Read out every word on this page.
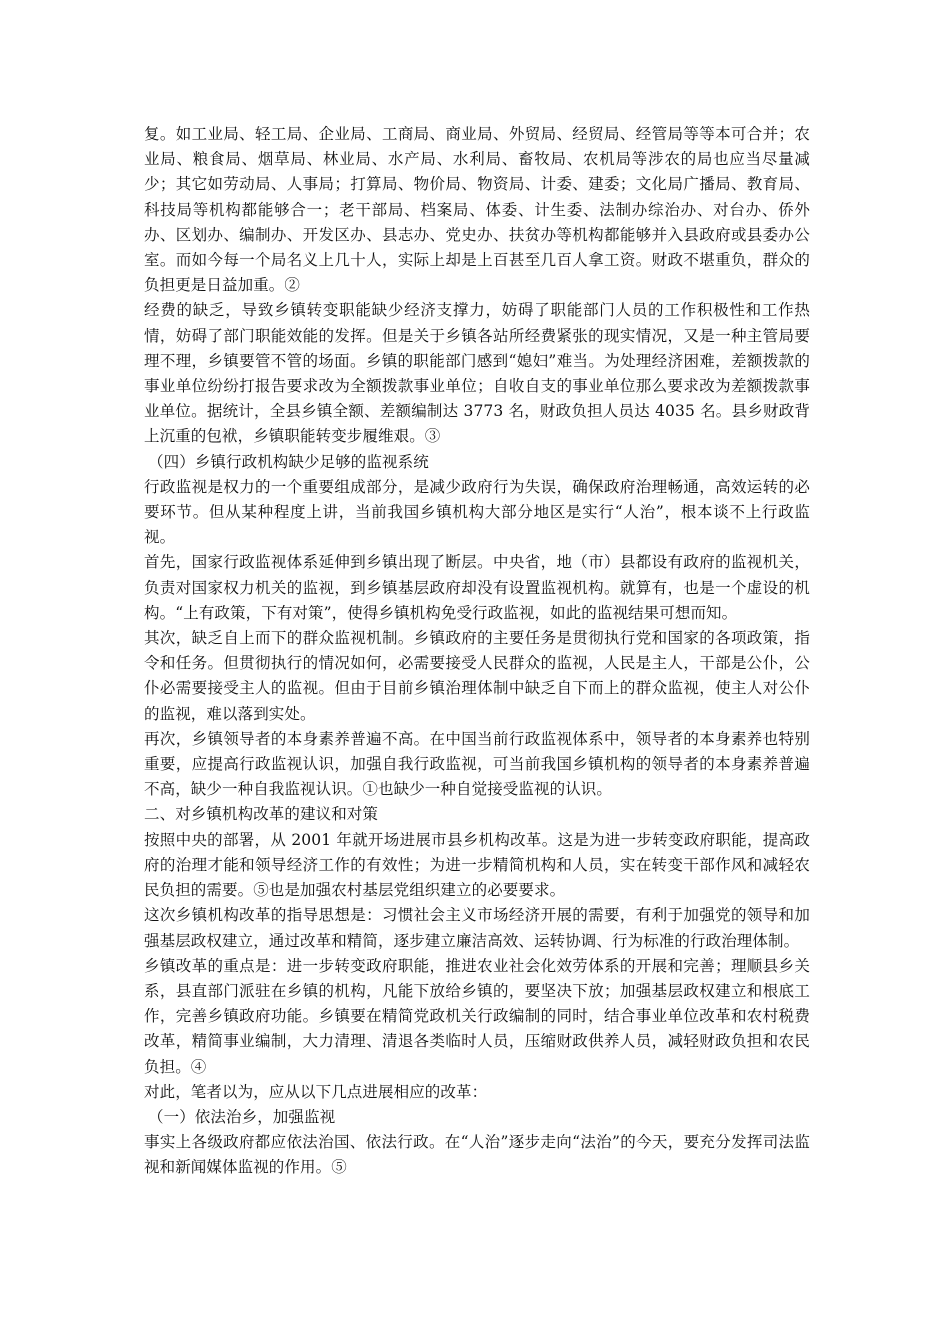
复。如工业局、轻工局、企业局、工商局、商业局、外贸局、经贸局、经管局等等本可合并；农业局、粮食局、烟草局、林业局、水产局、水利局、畜牧局、农机局等涉农的局也应当尽量减少；其它如劳动局、人事局；打算局、物价局、物资局、计委、建委；文化局广播局、教育局、科技局等机构都能够合一；老干部局、档案局、体委、计生委、法制办综治办、对台办、侨外办、区划办、编制办、开发区办、县志办、党史办、扶贫办等机构都能够并入县政府或县委办公室。而如今每一个局名义上几十人，实际上却是上百甚至几百人拿工资。财政不堪重负，群众的负担更是日益加重。②

经费的缺乏，导致乡镇转变职能缺少经济支撑力，妨碍了职能部门人员的工作积极性和工作热情，妨碍了部门职能效能的发挥。但是关于乡镇各站所经费紧张的现实情况，又是一种主管局要理不理，乡镇要管不管的场面。乡镇的职能部门感到“媳妇”难当。为处理经济困难，差额拨款的事业单位纷纷打报告要求改为全额拨款事业单位；自收自支的事业单位那么要求改为差额拨款事业单位。据统计，全县乡镇全额、差额编制达 3773 名，财政负担人员达 4035 名。县乡财政背上沉重的包袱，乡镇职能转变步履维艰。③

（四）乡镇行政机构缺少足够的监视系统

行政监视是权力的一个重要组成部分，是减少政府行为失误，确保政府治理畅通，高效运转的必要环节。但从某种程度上讲，当前我国乡镇机构大部分地区是实行“人治”，根本谈不上行政监视。

首先，国家行政监视体系延伸到乡镇出现了断层。中央省，地（市）县都设有政府的监视机关，负责对国家权力机关的监视，到乡镇基层政府却没有设置监视机构。就算有，也是一个虚设的机构。“上有政策，下有对策”，使得乡镇机构免受行政监视，如此的监视结果可想而知。

其次，缺乏自上而下的群众监视机制。乡镇政府的主要任务是贯彻执行党和国家的各项政策，指令和任务。但贯彻执行的情况如何，必需要接受人民群众的监视，人民是主人，干部是公仆，公仆必需要接受主人的监视。但由于目前乡镇治理体制中缺乏自下而上的群众监视，使主人对公仆的监视，难以落到实处。

再次，乡镇领导者的本身素养普遍不高。在中国当前行政监视体系中，领导者的本身素养也特别重要，应提高行政监视认识，加强自我行政监视，可当前我国乡镇机构的领导者的本身素养普遍不高，缺少一种自我监视认识。①也缺少一种自觉接受监视的认识。

二、对乡镇机构改革的建议和对策

按照中央的部署，从 2001 年就开场进展市县乡机构改革。这是为进一步转变政府职能，提高政府的治理才能和领导经济工作的有效性；为进一步精简机构和人员，实在转变干部作风和减轻农民负担的需要。⑤也是加强农村基层党组织建立的必要要求。

这次乡镇机构改革的指导思想是：习惯社会主义市场经济开展的需要，有利于加强党的领导和加强基层政权建立，通过改革和精简，逐步建立廉洁高效、运转协调、行为标准的行政治理体制。

乡镇改革的重点是：进一步转变政府职能，推进农业社会化效劳体系的开展和完善；理顺县乡关系，县直部门派驻在乡镇的机构，凡能下放给乡镇的，要坚决下放；加强基层政权建立和根底工作，完善乡镇政府功能。乡镇要在精简党政机关行政编制的同时，结合事业单位改革和农村税费改革，精简事业编制，大力清理、清退各类临时人员，压缩财政供养人员，减轻财政负担和农民负担。④

对此，笔者以为，应从以下几点进展相应的改革：

（一）依法治乡，加强监视

事实上各级政府都应依法治国、依法行政。在“人治”逐步走向“法治”的今天，要充分发挥司法监视和新闻媒体监视的作用。⑤
